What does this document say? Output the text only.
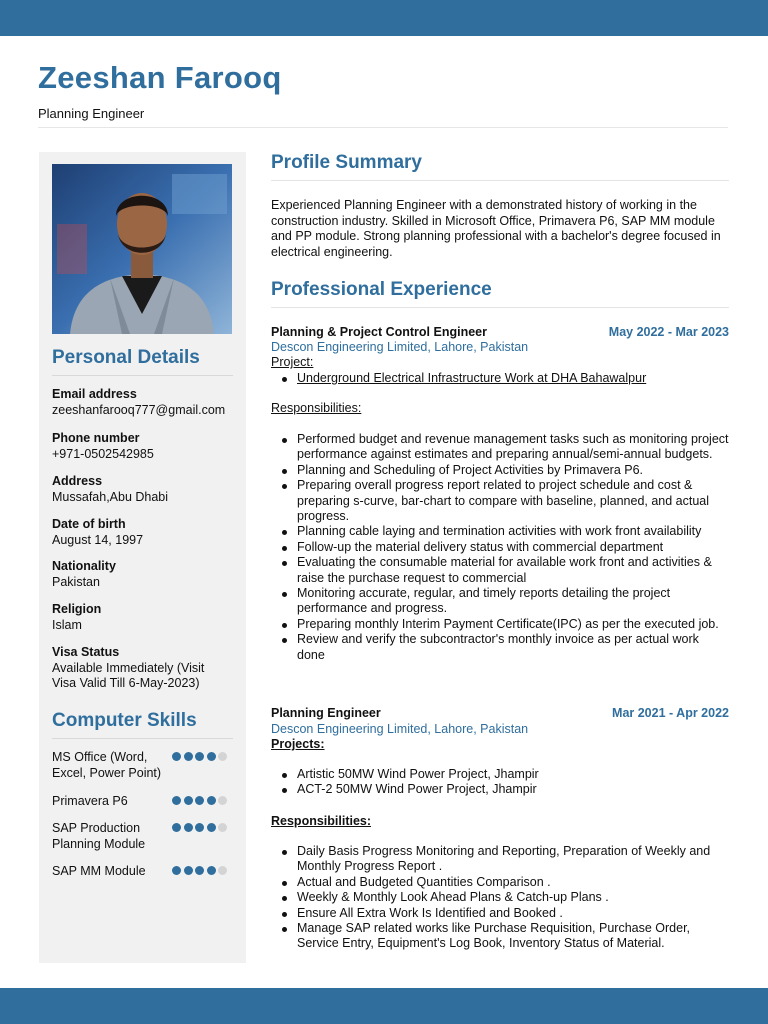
Zeeshan Farooq
Planning Engineer
Personal Details
Email address
zeeshanfarooq777@gmail.com
Phone number
+971-0502542985
Address
Mussafah,Abu Dhabi
Date of birth
August 14, 1997
Nationality
Pakistan
Religion
Islam
Visa Status
Available Immediately (Visit Visa Valid Till 6-May-2023)
Computer Skills
MS Office (Word, Excel, Power Point)
Primavera P6
SAP Production Planning Module
SAP MM Module
Profile Summary
Experienced Planning Engineer with a demonstrated history of working in the construction industry. Skilled in Microsoft Office, Primavera P6, SAP MM module and PP module. Strong planning professional with a bachelor's degree focused in electrical engineering.
Professional Experience
Planning & Project Control Engineer	May 2022 - Mar 2023
Descon Engineering Limited, Lahore, Pakistan
Project:
Underground Electrical Infrastructure Work at DHA Bahawalpur
Responsibilities:
Performed budget and revenue management tasks such as monitoring project performance against estimates and preparing annual/semi-annual budgets.
Planning and Scheduling of Project Activities by Primavera P6.
Preparing overall progress report related to project schedule and cost & preparing s-curve, bar-chart to compare with baseline, planned, and actual progress.
Planning cable laying and termination activities with work front availability
Follow-up the material delivery status with commercial department
Evaluating the consumable material for available work front and activities & raise the purchase request to commercial
Monitoring accurate, regular, and timely reports detailing the project performance and progress.
Preparing monthly Interim Payment Certificate(IPC) as per the executed job.
Review and verify the subcontractor's monthly invoice as per actual work done
Planning Engineer	Mar 2021 - Apr 2022
Descon Engineering Limited, Lahore, Pakistan
Projects:
Artistic 50MW Wind Power Project, Jhampir
ACT-2 50MW Wind Power Project, Jhampir
Responsibilities:
Daily Basis Progress Monitoring and Reporting, Preparation of Weekly and Monthly Progress Report .
Actual and Budgeted Quantities Comparison .
Weekly & Monthly Look Ahead Plans & Catch-up Plans .
Ensure All Extra Work Is Identified and Booked .
Manage SAP related works like Purchase Requisition, Purchase Order, Service Entry, Equipment's Log Book, Inventory Status of Material.
